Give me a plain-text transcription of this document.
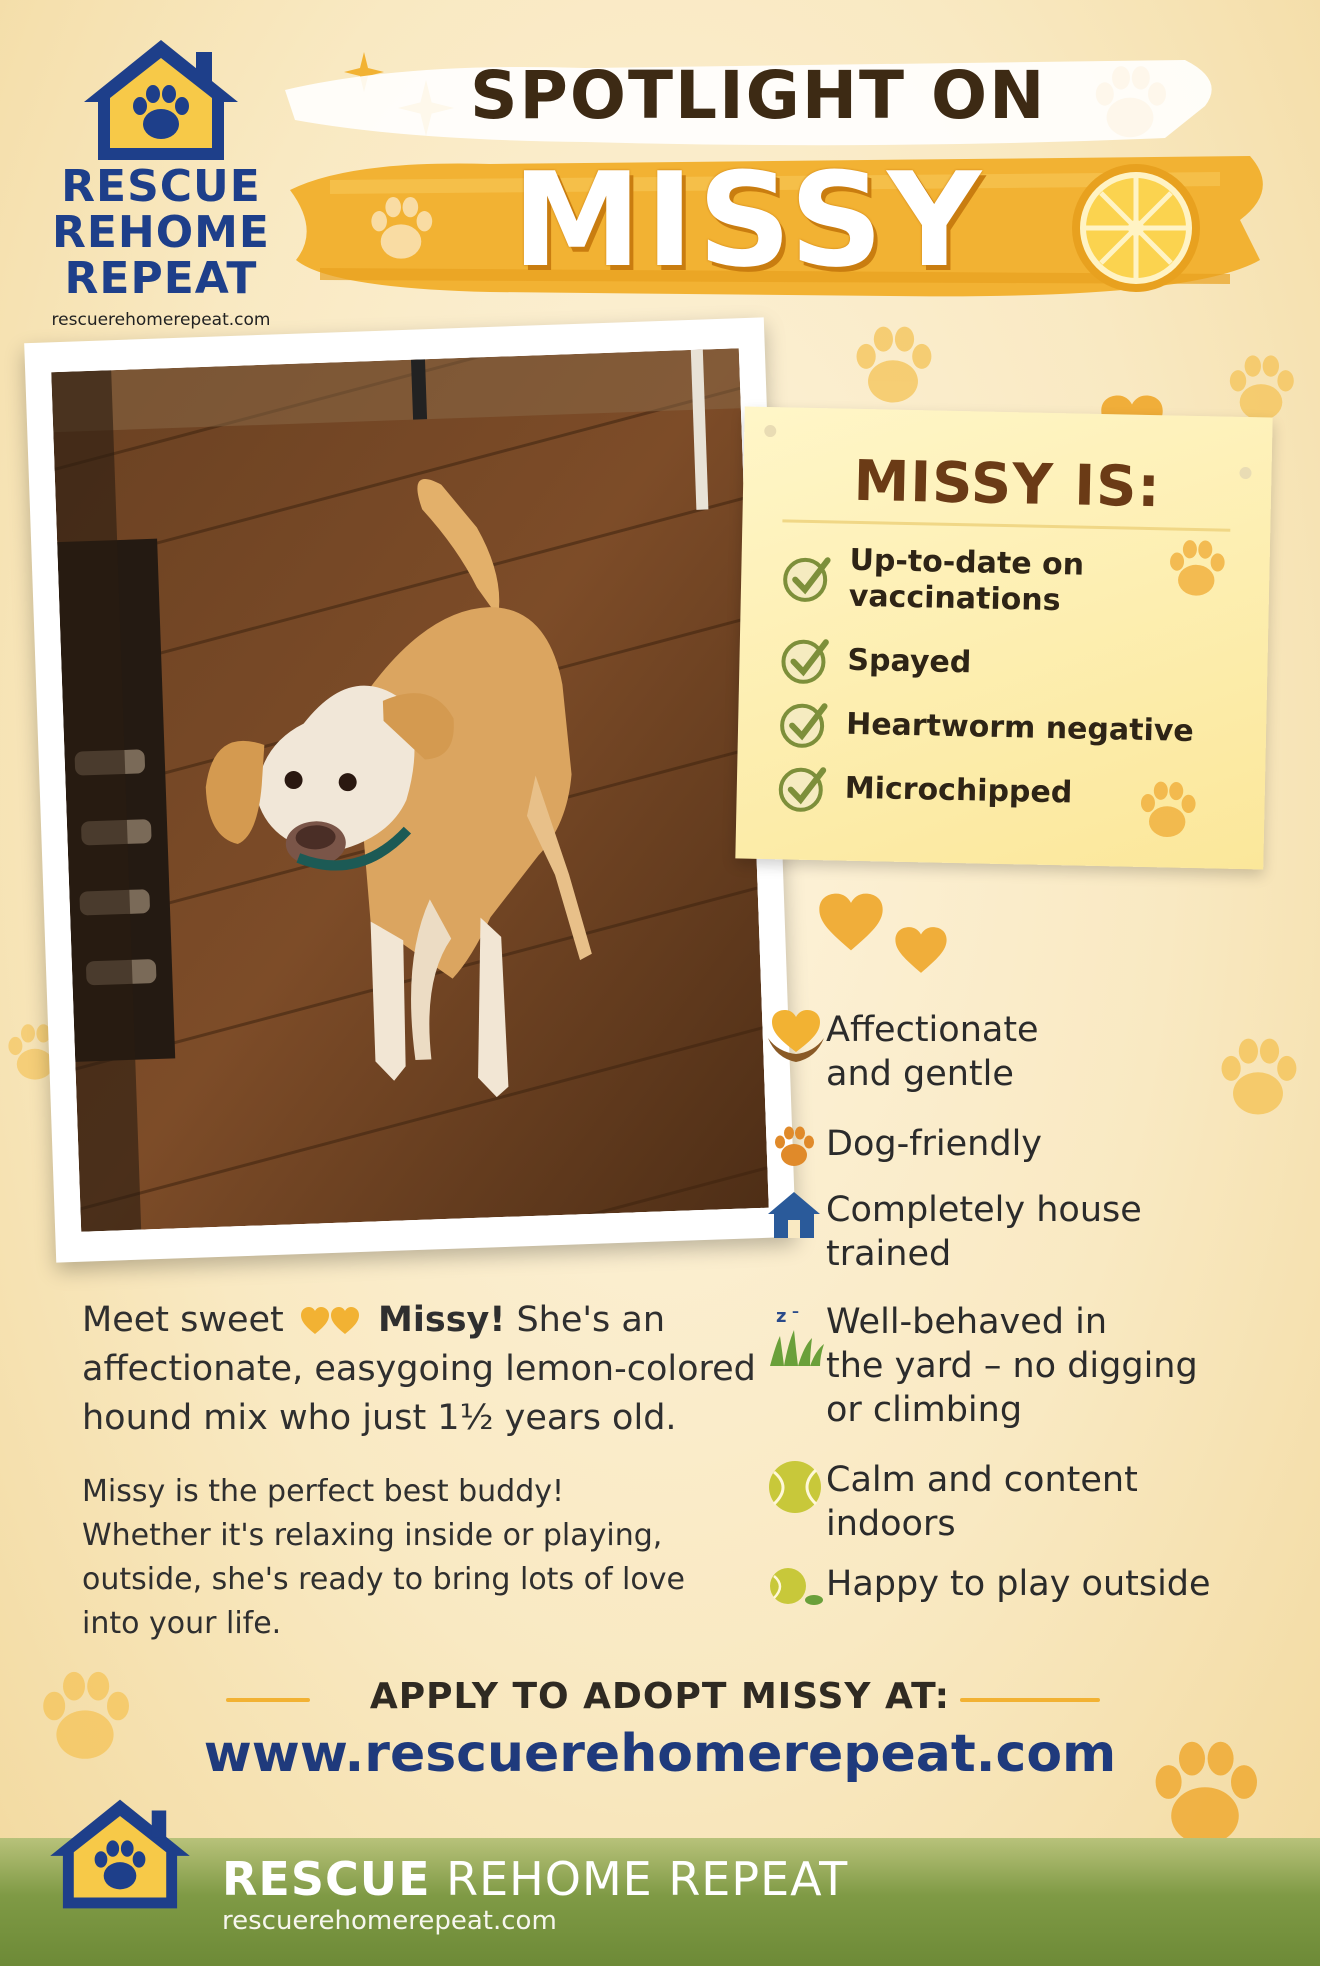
RESCUE
REHOME
REPEAT
rescuerehomerepeat.com
SPOTLIGHT ON
MISSY
MISSY IS:
Up-to-date on
vaccinations
Spayed
Heartworm negative
Microchipped
Affectionate
and gentle
Dog-friendly
Completely house
trained
z – Well-behaved in
the yard – no digging
or climbing
Calm and content
indoors
Happy to play outside
Meet sweet	Missy! She's an
affectionate, easygoing lemon-colored
hound mix who just 1½ years old.
Missy is the perfect best buddy!
Whether it's relaxing inside or playing,
outside, she's ready to bring lots of love
into your life.
APPLY TO ADOPT MISSY AT:
www.rescuerehomerepeat.com
RESCUE REHOME REPEAT
rescuerehomerepeat.com
